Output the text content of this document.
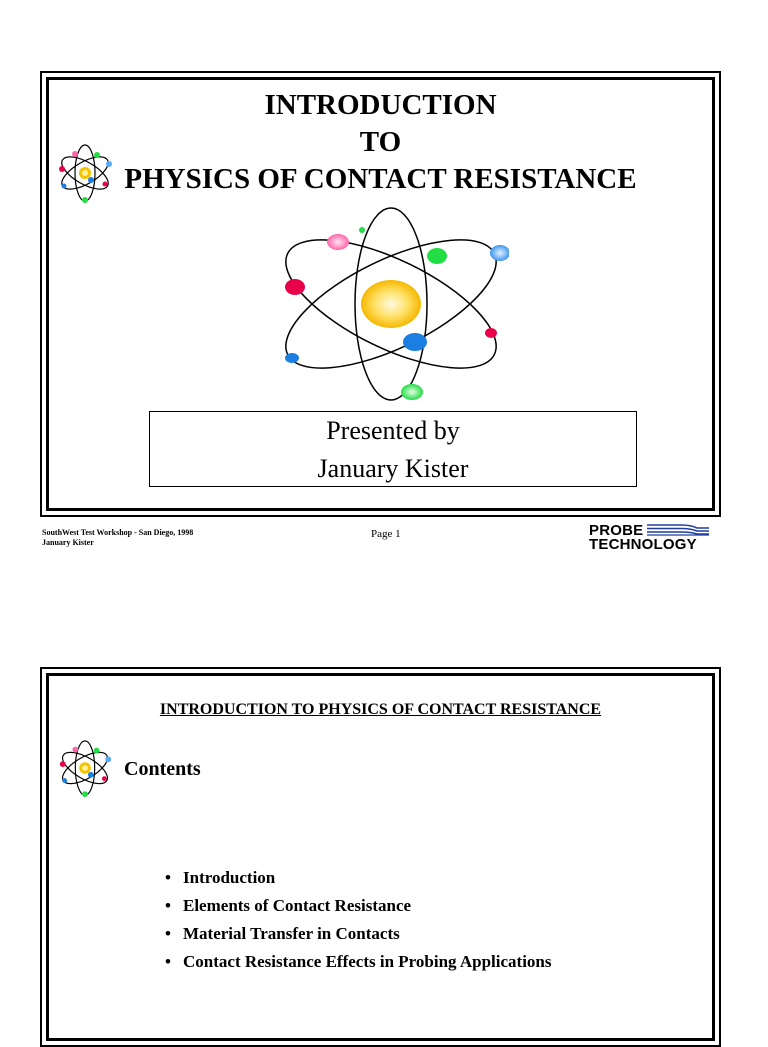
INTRODUCTION
TO
PHYSICS OF CONTACT RESISTANCE
Presented by
January Kister
SouthWest Test Workshop - San Diego, 1998
January Kister
Page 1	PROBE
TECHNOLOGY
INTRODUCTION TO PHYSICS OF CONTACT RESISTANCE
Contents
• Introduction
• Elements of Contact Resistance
• Material Transfer in Contacts
• Contact Resistance Effects in Probing Applications
